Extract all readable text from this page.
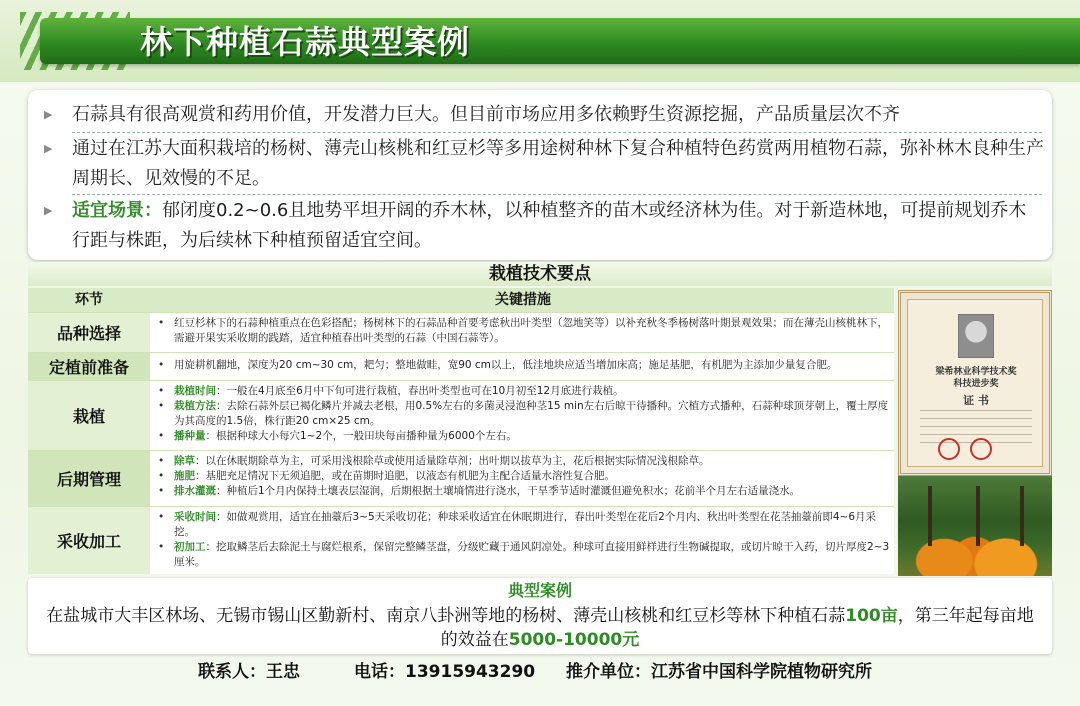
林下种植石蒜典型案例
▶ 石蒜具有很高观赏和药用价值，开发潜力巨大。但目前市场应用多依赖野生资源挖掘，产品质量层次不齐
▶ 通过在江苏大面积栽培的杨树、薄壳山核桃和红豆杉等多用途树种林下复合种植特色药赏两用植物石蒜，弥补林木良种生产周期长、见效慢的不足。
▶ 适宜场景：郁闭度0.2~0.6且地势平坦开阔的乔木林，以种植整齐的苗木或经济林为佳。对于新造林地，可提前规划乔木行距与株距，为后续林下种植预留适宜空间。
栽植技术要点
环节	关键措施
品种选择
• 红豆杉林下的石蒜种植重点在色彩搭配；杨树林下的石蒜品种首要考虑秋出叶类型（忽地笑等）以补充秋冬季杨树落叶期景观效果；而在薄壳山核桃林下，需避开果实采收期的践踏，适宜种植春出叶类型的石蒜（中国石蒜等）。
定植前准备
•	用旋耕机翻地，深度为20 cm~30 cm，耙匀；整地做畦，宽90 cm以上，低洼地块应适当增加床高；施足基肥，有机肥为主添加少量复合肥。
栽植
• 栽植时间：一般在4月底至6月中下旬可进行栽植，春出叶类型也可在10月初至12月底进行栽植。
• 栽植方法：去除石蒜外层已褐化鳞片并减去老根，用0.5%左右的多菌灵浸泡种茎15 min左右后晾干待播种。穴植方式播种，石蒜种球顶芽朝上，覆土厚度为其高度的1.5倍，株行距20 cm×25 cm。
• 播种量：根据种球大小每穴1~2个，一般田块每亩播种量为6000个左右。
后期管理
• 除草：以在休眠期除草为主，可采用浅根除草或使用适量除草剂；出叶期以拔草为主，花后根据实际情况浅根除草。
• 施肥：基肥充足情况下无须追肥，或在苗期时追肥，以液态有机肥为主配合适量水溶性复合肥。
• 排水灌溉：种植后1个月内保持土壤表层湿润，后期根据土壤墒情进行浇水，干旱季节适时灌溉但避免积水；花前半个月左右适量浇水。
采收加工
• 采收时间：如做观赏用，适宜在抽薹后3~5天采收切花；种球采收适宜在休眠期进行，春出叶类型在花后2个月内、秋出叶类型在花茎抽薹前即4~6月采挖。
• 初加工：挖取鳞茎后去除泥土与腐烂根系，保留完整鳞茎盘，分级贮藏于通风阴凉处。种球可直接用鲜样进行生物碱提取，或切片晾干入药，切片厚度2~3厘米。
梁希林业科学技术奖
科技进步奖
证 书
典型案例
在盐城市大丰区林场、无锡市锡山区勤新村、南京八卦洲等地的杨树、薄壳山核桃和红豆杉等林下种植石蒜100亩，第三年起每亩地的效益在5000-10000元
联系人：王忠	电话：13915943290 推介单位：江苏省中国科学院植物研究所
